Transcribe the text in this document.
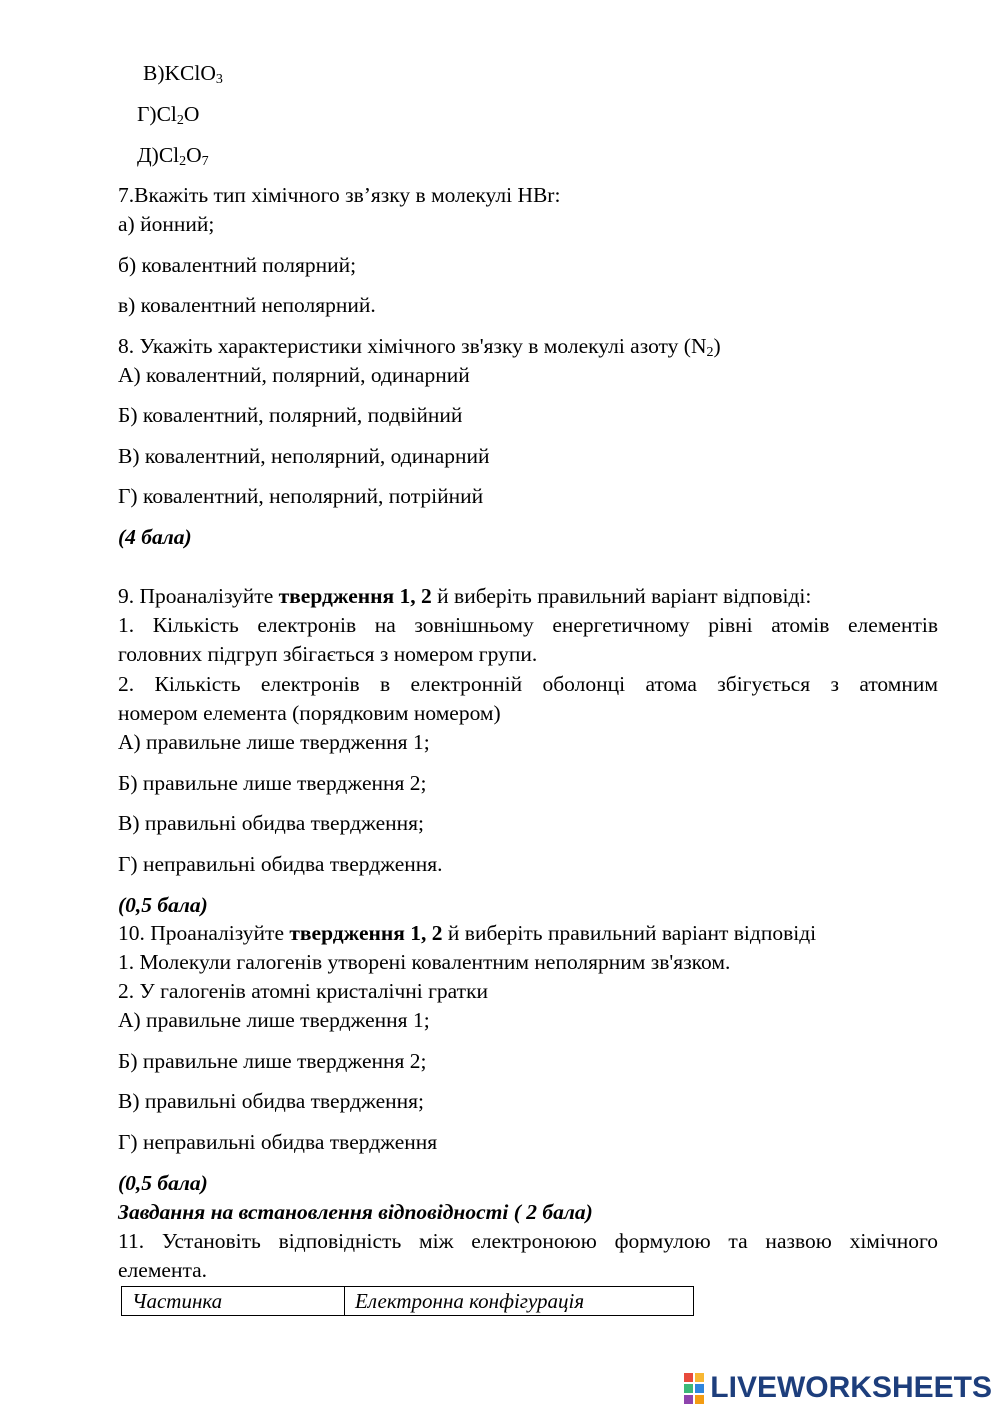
В)KClO$_3$
$Г)Cl_2O$
$Д)Cl_2O_7$
7.Вкажіть тип хімічного зв’язку в молекулі HBr:
а) йонний;
б) ковалентний полярний;
в) ковалентний неполярний.
8. Укажіть характеристики хімічного зв'язку в молекулі азоту $(N_2)$
А) ковалентний, полярний, одинарний
Б) ковалентний, полярний, подвійний
В) ковалентний, неполярний, одинарний
Г) ковалентний, неполярний, потрійний
(4 бала)
9. Проаналізуйте твердження 1, 2 й виберіть правильний варіант відповіді:
1. Кількість електронів на зовнішньому енергетичному рівні атомів елементів
головних підгруп збігається з номером групи.
2. Кількість електронів в електронній оболонці атома збігується з атомним
номером елемента (порядковим номером)
А) правильне лише твердження 1;
Б) правильне лише твердження 2;
В) правильні обидва твердження;
Г) неправильні обидва твердження.
(0,5 бала)
10. Проаналізуйте твердження 1, 2 й виберіть правильний варіант відповіді
1. Молекули галогенів утворені ковалентним неполярним зв'язком.
2. У галогенів атомні кристалічні гратки
А) правильне лише твердження 1;
Б) правильне лише твердження 2;
В) правильні обидва твердження;
Г) неправильні обидва твердження
(0,5 бала)
Завдання на встановлення відповідності ( 2 бала)
11. Установіть відповідність між електроноюю формулою та назвою хімічного
елемента.
Частинка	Електронна конфігурація
LIVEWORKSHEETS
